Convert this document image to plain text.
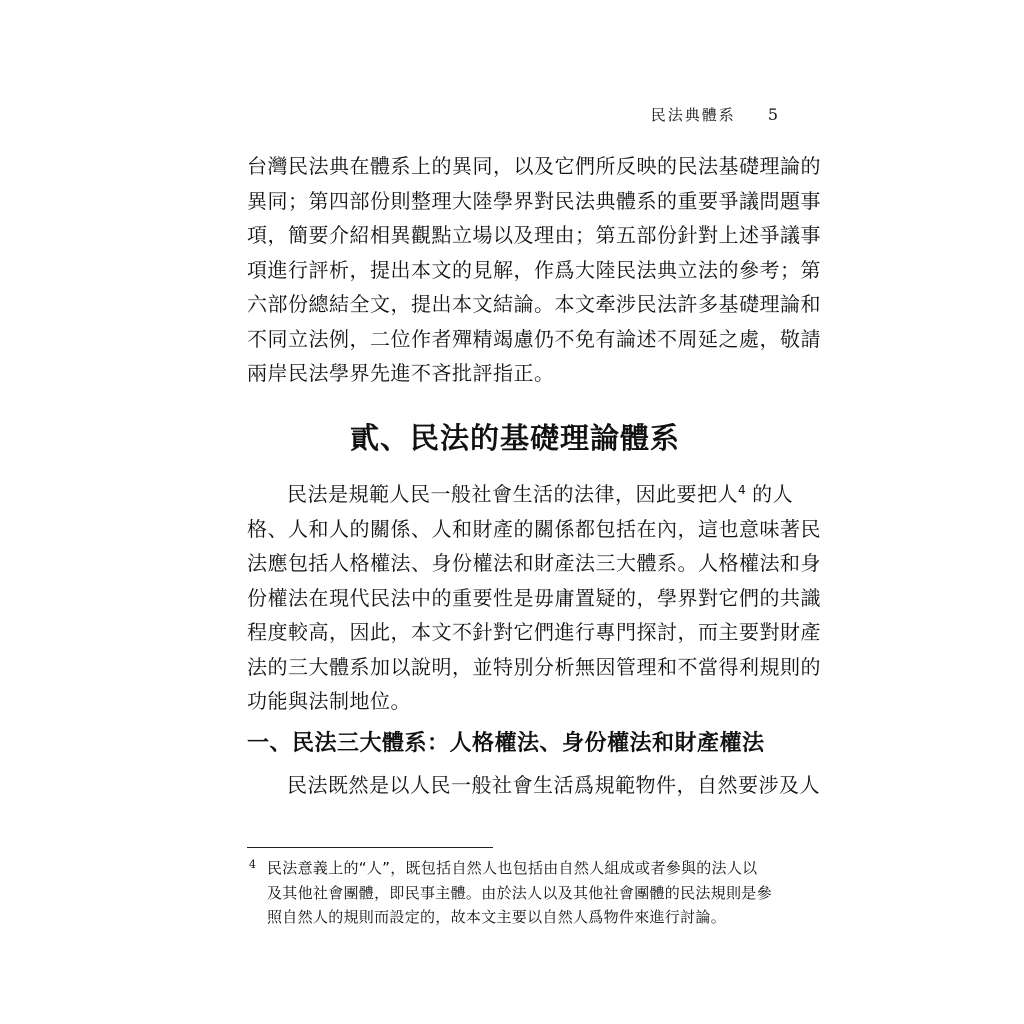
民法典體系 5
台灣民法典在體系上的異同，以及它們所反映的民法基礎理論的
異同；第四部份則整理大陸學界對民法典體系的重要爭議問題事
項，簡要介紹相異觀點立場以及理由；第五部份針對上述爭議事
項進行評析，提出本文的見解，作爲大陸民法典立法的參考；第
六部份總結全文，提出本文結論。本文牽涉民法許多基礎理論和
不同立法例，二位作者殫精竭慮仍不免有論述不周延之處，敬請
兩岸民法學界先進不吝批評指正。
貳、民法的基礎理論體系
民法是規範人民一般社會生活的法律，因此要把人$^4$ 的人
格、人和人的關係、人和財產的關係都包括在內，這也意味著民
法應包括人格權法、身份權法和財產法三大體系。人格權法和身
份權法在現代民法中的重要性是毋庸置疑的，學界對它們的共識
程度較高，因此，本文不針對它們進行專門探討，而主要對財產
法的三大體系加以說明，並特別分析無因管理和不當得利規則的
功能與法制地位。
一、民法三大體系：人格權法、身份權法和財產權法
民法既然是以人民一般社會生活爲規範物件，自然要涉及人
4 民法意義上的“人”，既包括自然人也包括由自然人組成或者參與的法人以
及其他社會團體，即民事主體。由於法人以及其他社會團體的民法規則是參
照自然人的規則而設定的，故本文主要以自然人爲物件來進行討論。
